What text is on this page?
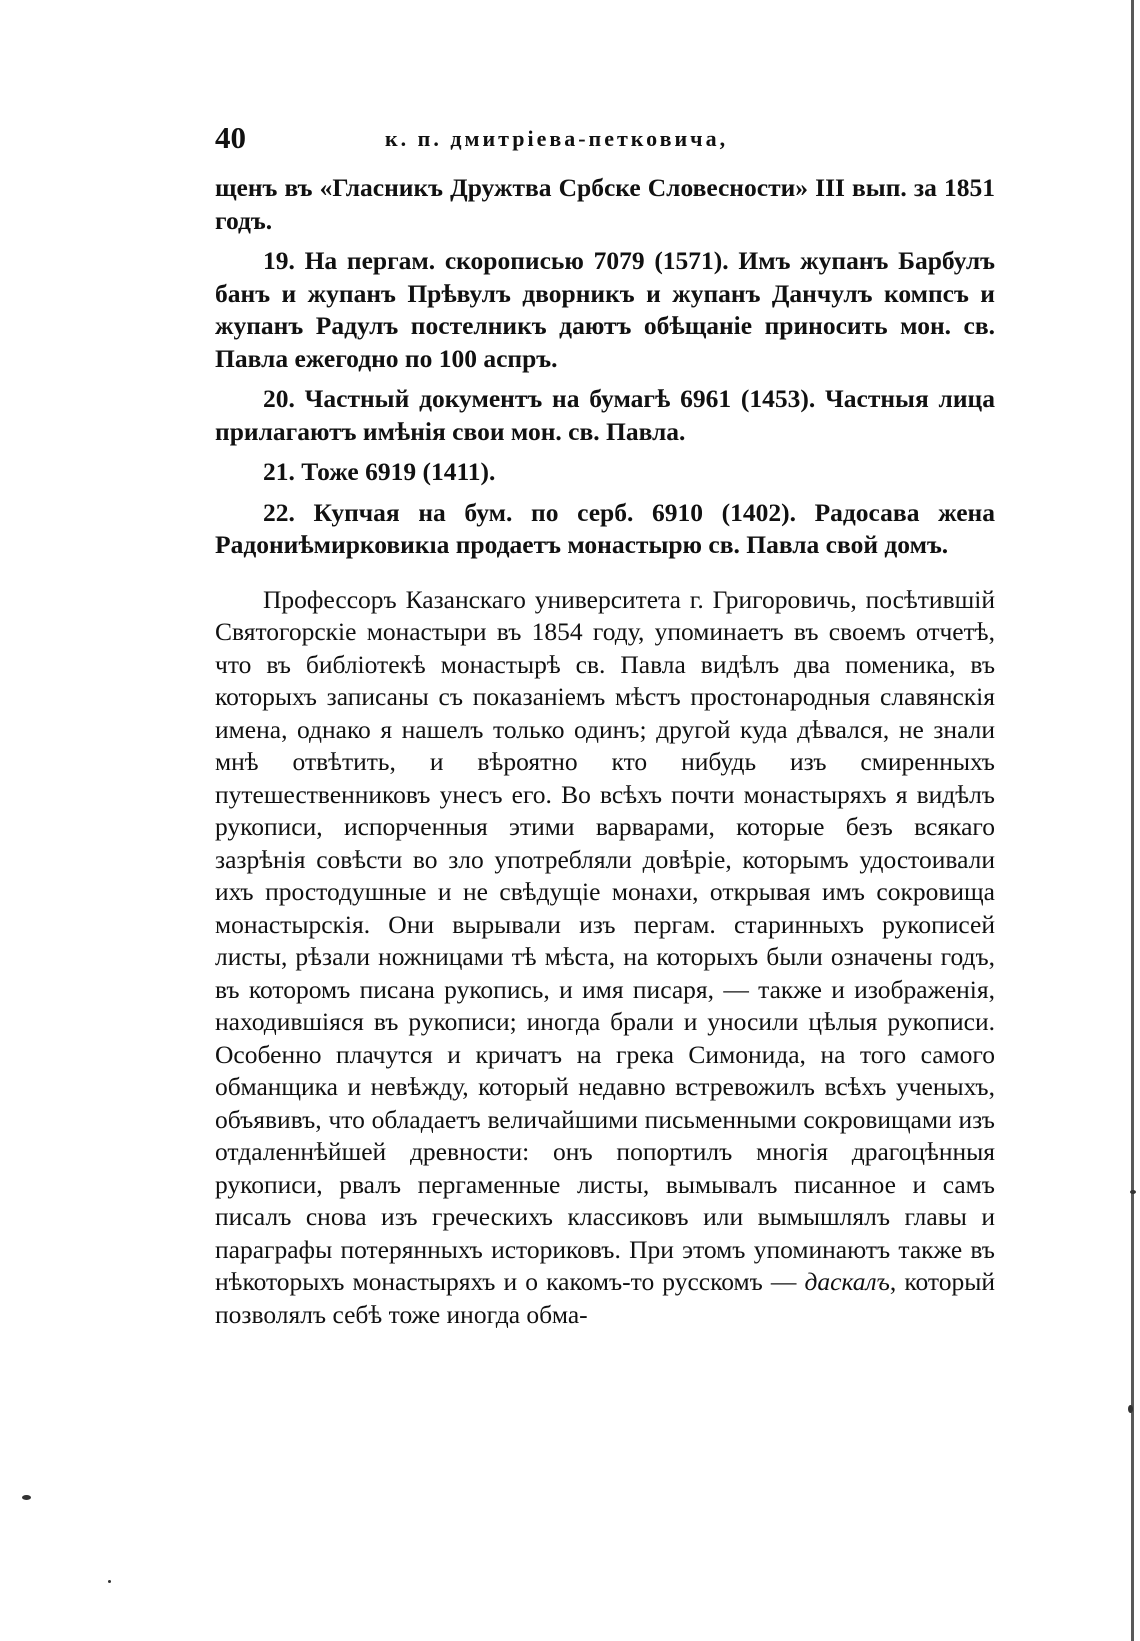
40	к. п. дмитріева-петковича,

щенъ въ «Гласникъ Дружтва Србске Словесности» III вып. за 1851 годъ.

19. На пергам. скорописью 7079 (1571). Имъ жупанъ Барбулъ банъ и жупанъ Прѣвулъ дворникъ и жупанъ Данчулъ компсъ и жупанъ Радулъ постелникъ даютъ обѣщаніе приносить мон. св. Павла ежегодно по 100 аспръ.

20. Частный документъ на бумагѣ 6961 (1453). Частныя лица прилагаютъ имѣнія свои мон. св. Павла.

21. Тоже 6919 (1411).

22. Купчая на бум. по серб. 6910 (1402). Радосава жена Радониѣмирковикıа продаетъ монастырю св. Павла свой домъ.

Профессоръ Казанскаго университета г. Григоровичь, посѣтившій Святогорскіе монастыри въ 1854 году, упоминаетъ въ своемъ отчетѣ, что въ библіотекѣ монастырѣ св. Павла видѣлъ два поменика, въ которыхъ записаны съ показаніемъ мѣстъ простонародныя славянскія имена, однако я нашелъ только одинъ; другой куда дѣвался, не знали мнѣ отвѣтить, и вѣроятно кто нибудь изъ смиренныхъ путешественниковъ унесъ его. Во всѣхъ почти монастыряхъ я видѣлъ рукописи, испорченныя этими варварами, которые безъ всякаго зазрѣнія совѣсти во зло употребляли довѣріе, которымъ удостоивали ихъ простодушные и не свѣдущіе монахи, открывая имъ сокровища монастырскія. Они вырывали изъ пергам. старинныхъ рукописей листы, рѣзали ножницами тѣ мѣста, на которыхъ были означены годъ, въ которомъ писана рукопись, и имя писаря, — также и изображенія, находившіяся въ рукописи; иногда брали и уносили цѣлыя рукописи. Особенно плачутся и кричатъ на грека Симонида, на того самого обманщика и невѣжду, который недавно встревожилъ всѣхъ ученыхъ, объявивъ, что обладаетъ величайшими письменными сокровищами изъ отдаленнѣйшей древности: онъ попортилъ многія драгоцѣнныя рукописи, рвалъ пергаменные листы, вымывалъ писанное и самъ писалъ снова изъ греческихъ классиковъ или вымышлялъ главы и параграфы потерянныхъ историковъ. При этомъ упоминаютъ также въ нѣкоторыхъ монастыряхъ и о какомъ-то русскомъ — даскалъ, который позволялъ себѣ тоже иногда обма-
